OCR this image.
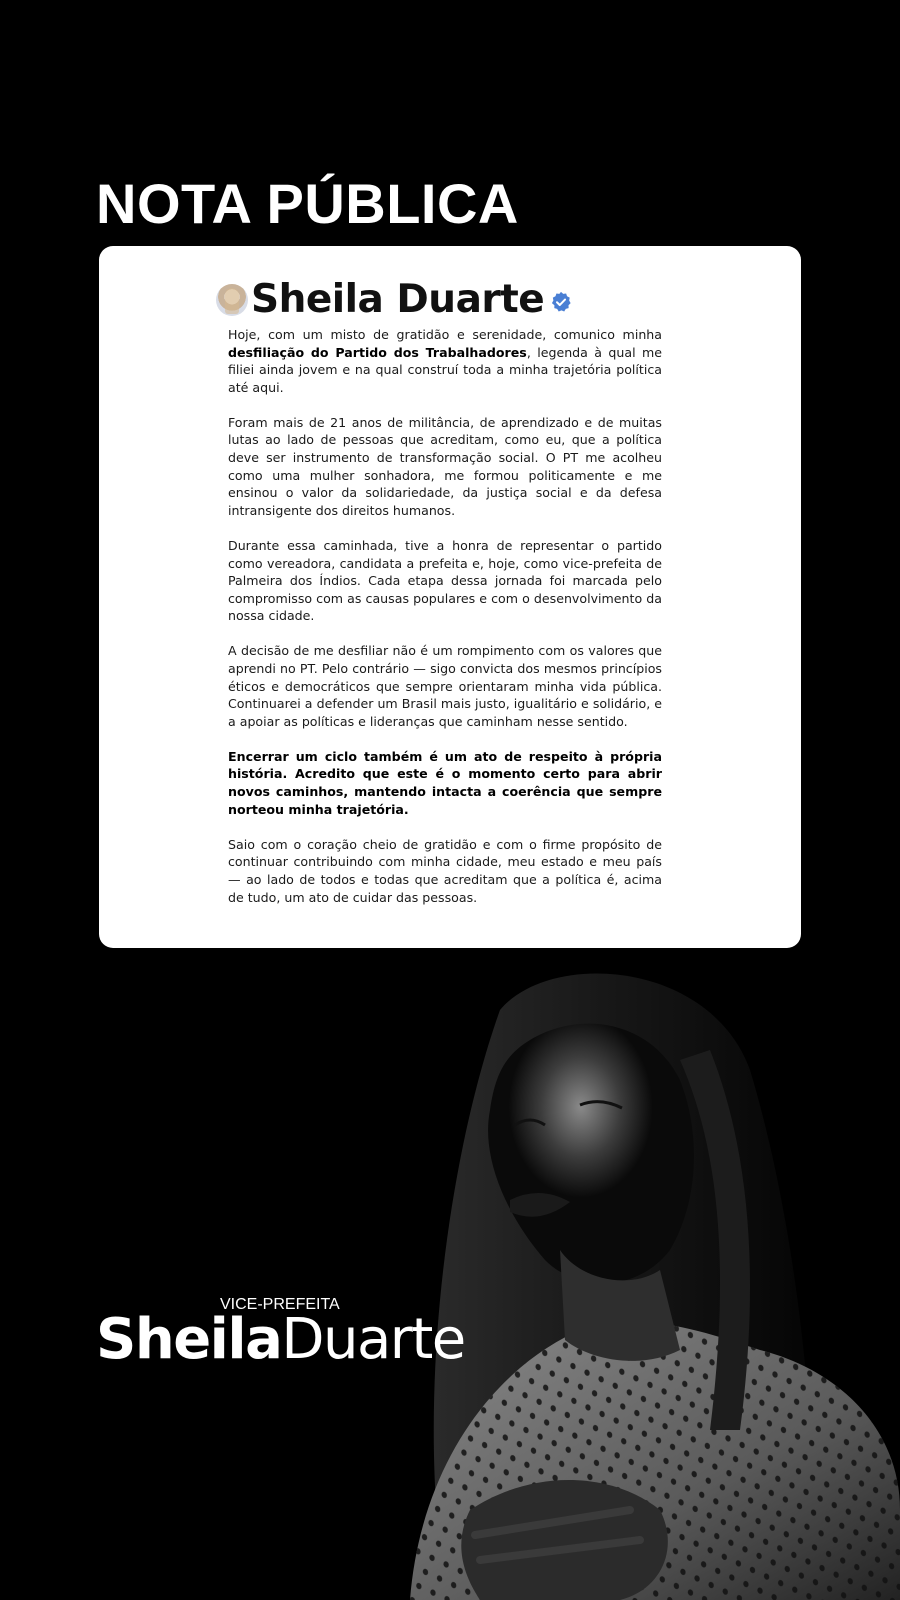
NOTA PÚBLICA
Sheila Duarte

Hoje, com um misto de gratidão e serenidade, comunico minha desfiliação do Partido dos Trabalhadores, legenda à qual me filiei ainda jovem e na qual construí toda a minha trajetória política até aqui.

Foram mais de 21 anos de militância, de aprendizado e de muitas lutas ao lado de pessoas que acreditam, como eu, que a política deve ser instrumento de transformação social. O PT me acolheu como uma mulher sonhadora, me formou politicamente e me ensinou o valor da solidariedade, da justiça social e da defesa intransigente dos direitos humanos.

Durante essa caminhada, tive a honra de representar o partido como vereadora, candidata a prefeita e, hoje, como vice-prefeita de Palmeira dos Índios. Cada etapa dessa jornada foi marcada pelo compromisso com as causas populares e com o desenvolvimento da nossa cidade.

A decisão de me desfiliar não é um rompimento com os valores que aprendi no PT. Pelo contrário — sigo convicta dos mesmos princípios éticos e democráticos que sempre orientaram minha vida pública. Continuarei a defender um Brasil mais justo, igualitário e solidário, e a apoiar as políticas e lideranças que caminham nesse sentido.

Encerrar um ciclo também é um ato de respeito à própria história. Acredito que este é o momento certo para abrir novos caminhos, mantendo intacta a coerência que sempre norteou minha trajetória.

Saio com o coração cheio de gratidão e com o firme propósito de continuar contribuindo com minha cidade, meu estado e meu país — ao lado de todos e todas que acreditam que a política é, acima de tudo, um ato de cuidar das pessoas.

VICE-PREFEITA
SheilaDuarte
